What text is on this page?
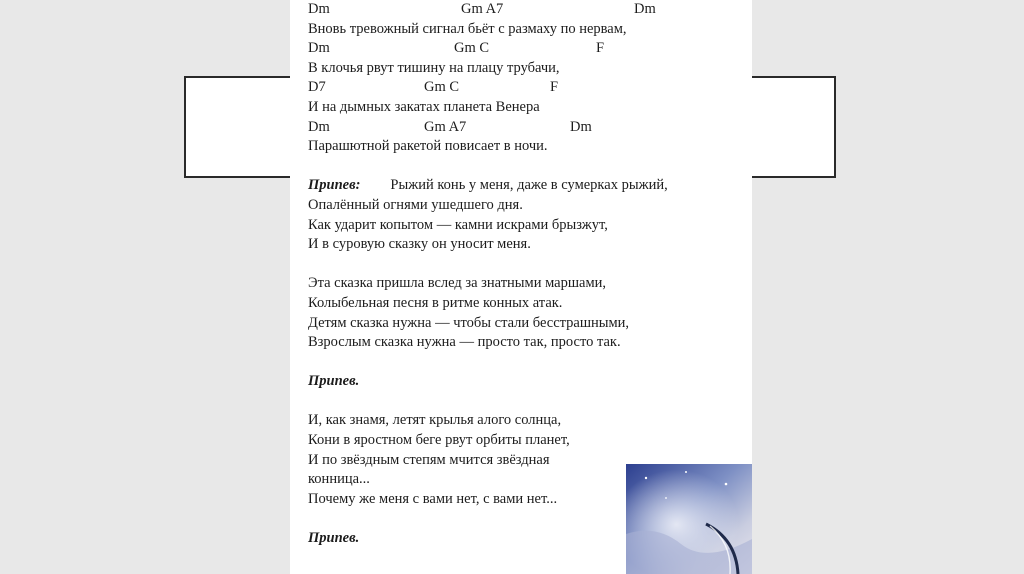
Dm	Gm A7	Dm
Вновь тревожный сигнал бьёт с размаху по нервам,
Dm	Gm C	F
В клочья рвут тишину на плацу трубачи,
D7	Gm C	F
И на дымных закатах планета Венера
Dm	Gm A7	Dm
Парашютной ракетой повисает в ночи.
Припев: Рыжий конь у меня, даже в сумерках рыжий,
Опалённый огнями ушедшего дня.
Как ударит копытом — камни искрами брызжут,
И в суровую сказку он уносит меня.
Эта сказка пришла вслед за знатными маршами,
Колыбельная песня в ритме конных атак.
Детям сказка нужна — чтобы стали бесстрашными,
Взрослым сказка нужна — просто так, просто так.
Припев.
И, как знамя, летят крылья алого солнца,
Кони в яростном беге рвут орбиты планет,
И по звёздным степям мчится звёздная
конница...
Почему же меня с вами нет, с вами нет...
Припев.
